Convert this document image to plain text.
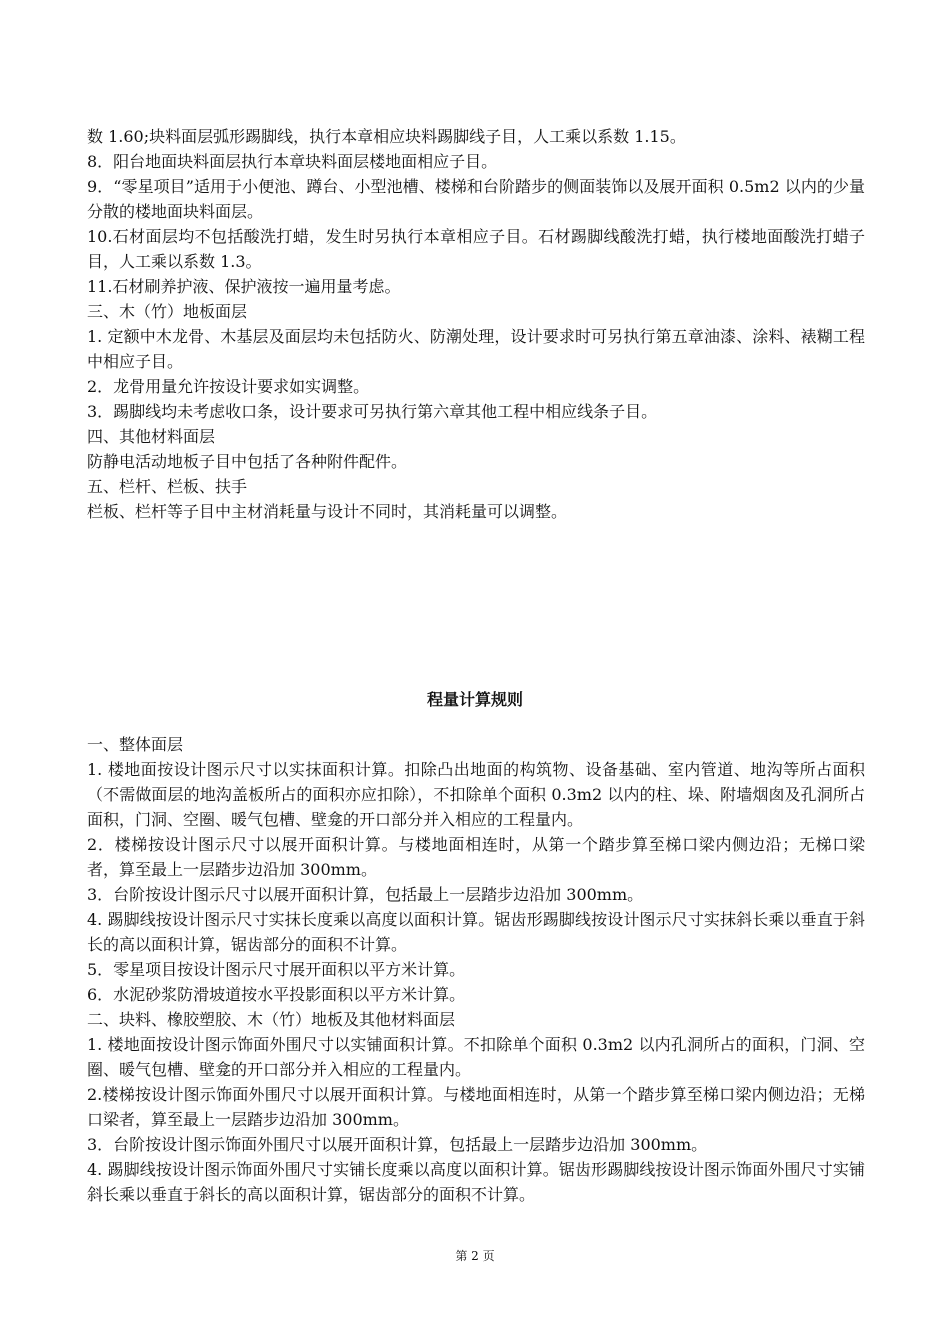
数 1.60;块料面层弧形踢脚线，执行本章相应块料踢脚线子目，人工乘以系数 1.15。

8．阳台地面块料面层执行本章块料面层楼地面相应子目。

9．“零星项目”适用于小便池、蹲台、小型池槽、楼梯和台阶踏步的侧面装饰以及展开面积 0.5m2 以内的少量分散的楼地面块料面层。

10.石材面层均不包括酸洗打蜡，发生时另执行本章相应子目。石材踢脚线酸洗打蜡，执行楼地面酸洗打蜡子目，人工乘以系数 1.3。

11.石材刷养护液、保护液按一遍用量考虑。

三、木（竹）地板面层

1. 定额中木龙骨、木基层及面层均未包括防火、防潮处理，设计要求时可另执行第五章油漆、涂料、裱糊工程中相应子目。

2．龙骨用量允许按设计要求如实调整。

3．踢脚线均未考虑收口条，设计要求可另执行第六章其他工程中相应线条子目。

四、其他材料面层

防静电活动地板子目中包括了各种附件配件。

五、栏杆、栏板、扶手

栏板、栏杆等子目中主材消耗量与设计不同时，其消耗量可以调整。

程量计算规则

一、整体面层

1. 楼地面按设计图示尺寸以实抹面积计算。扣除凸出地面的构筑物、设备基础、室内管道、地沟等所占面积（不需做面层的地沟盖板所占的面积亦应扣除），不扣除单个面积 0.3m2 以内的柱、垛、附墙烟囱及孔洞所占面积，门洞、空圈、暖气包槽、壁龛的开口部分并入相应的工程量内。

2．楼梯按设计图示尺寸以展开面积计算。与楼地面相连时，从第一个踏步算至梯口梁内侧边沿；无梯口梁者，算至最上一层踏步边沿加 300mm。

3．台阶按设计图示尺寸以展开面积计算，包括最上一层踏步边沿加 300mm。

4. 踢脚线按设计图示尺寸实抹长度乘以高度以面积计算。锯齿形踢脚线按设计图示尺寸实抹斜长乘以垂直于斜长的高以面积计算，锯齿部分的面积不计算。

5．零星项目按设计图示尺寸展开面积以平方米计算。

6．水泥砂浆防滑坡道按水平投影面积以平方米计算。

二、块料、橡胶塑胶、木（竹）地板及其他材料面层

1. 楼地面按设计图示饰面外围尺寸以实铺面积计算。不扣除单个面积 0.3m2 以内孔洞所占的面积，门洞、空圈、暖气包槽、壁龛的开口部分并入相应的工程量内。

2.楼梯按设计图示饰面外围尺寸以展开面积计算。与楼地面相连时，从第一个踏步算至梯口梁内侧边沿；无梯口梁者，算至最上一层踏步边沿加 300mm。

3．台阶按设计图示饰面外围尺寸以展开面积计算，包括最上一层踏步边沿加 300mm。

4. 踢脚线按设计图示饰面外围尺寸实铺长度乘以高度以面积计算。锯齿形踢脚线按设计图示饰面外围尺寸实铺斜长乘以垂直于斜长的高以面积计算，锯齿部分的面积不计算。

第 2 页
